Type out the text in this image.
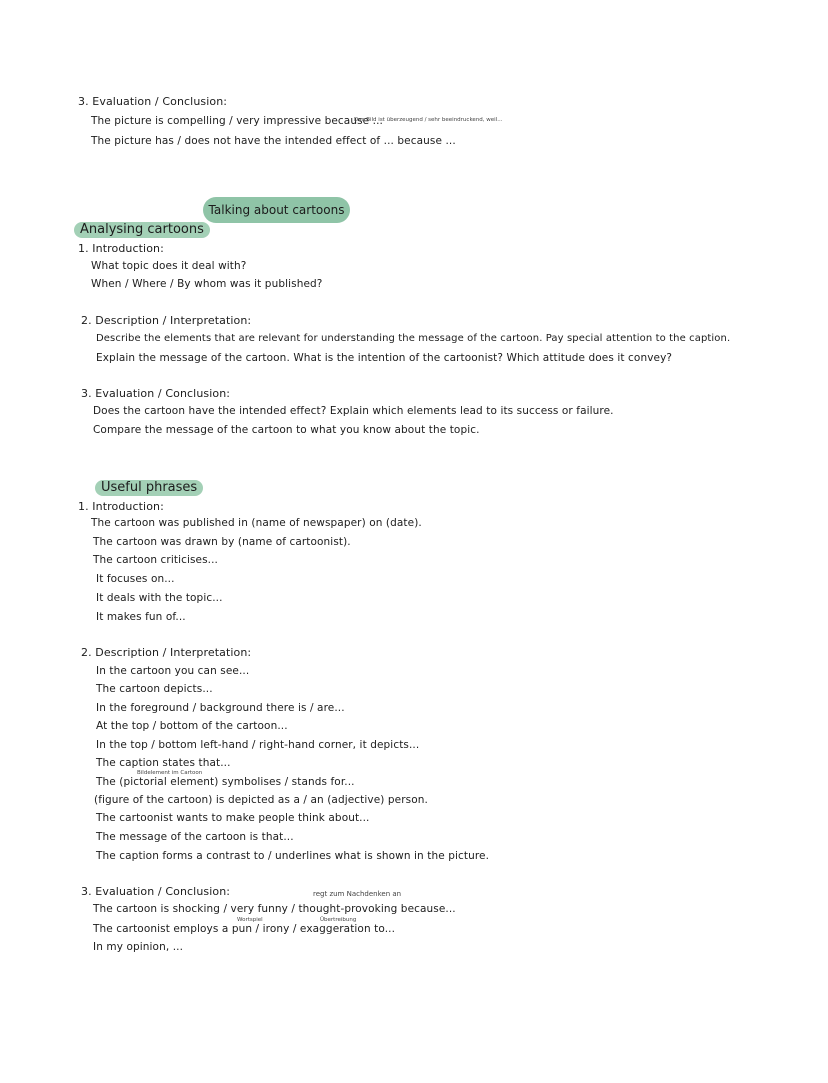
3. Evaluation / Conclusion:
The picture is compelling / very impressive because ...
Das Bild ist überzeugend / sehr beeindruckend, weil...
The picture has / does not have the intended effect of ... because ...
Talking about cartoons
Analysing cartoons
1. Introduction:
What topic does it deal with?
When / Where / By whom was it published?
2. Description / Interpretation:
Describe the elements that are relevant for understanding the message of the cartoon. Pay special attention to the caption.
Explain the message of the cartoon. What is the intention of the cartoonist? Which attitude does it convey?
3. Evaluation / Conclusion:
Does the cartoon have the intended effect? Explain which elements lead to its success or failure.
Compare the message of the cartoon to what you know about the topic.
Useful phrases
1. Introduction:
The cartoon was published in (name of newspaper) on (date).
The cartoon was drawn by (name of cartoonist).
The cartoon criticises...
It focuses on...
It deals with the topic...
It makes fun of...
2. Description / Interpretation:
In the cartoon you can see...
The cartoon depicts...
In the foreground / background there is / are...
At the top / bottom of the cartoon...
In the top / bottom left-hand / right-hand corner, it depicts...
The caption states that...
Bildelement im Cartoon
The (pictorial element) symbolises / stands for...
(figure of the cartoon) is depicted as a / an (adjective) person.
The cartoonist wants to make people think about...
The message of the cartoon is that...
The caption forms a contrast to / underlines what is shown in the picture.
3. Evaluation / Conclusion:	regt zum Nachdenken an
The cartoon is shocking / very funny / thought-provoking because...
Wortspiel	Übertreibung
The cartoonist employs a pun / irony / exaggeration to...
In my opinion, ...
